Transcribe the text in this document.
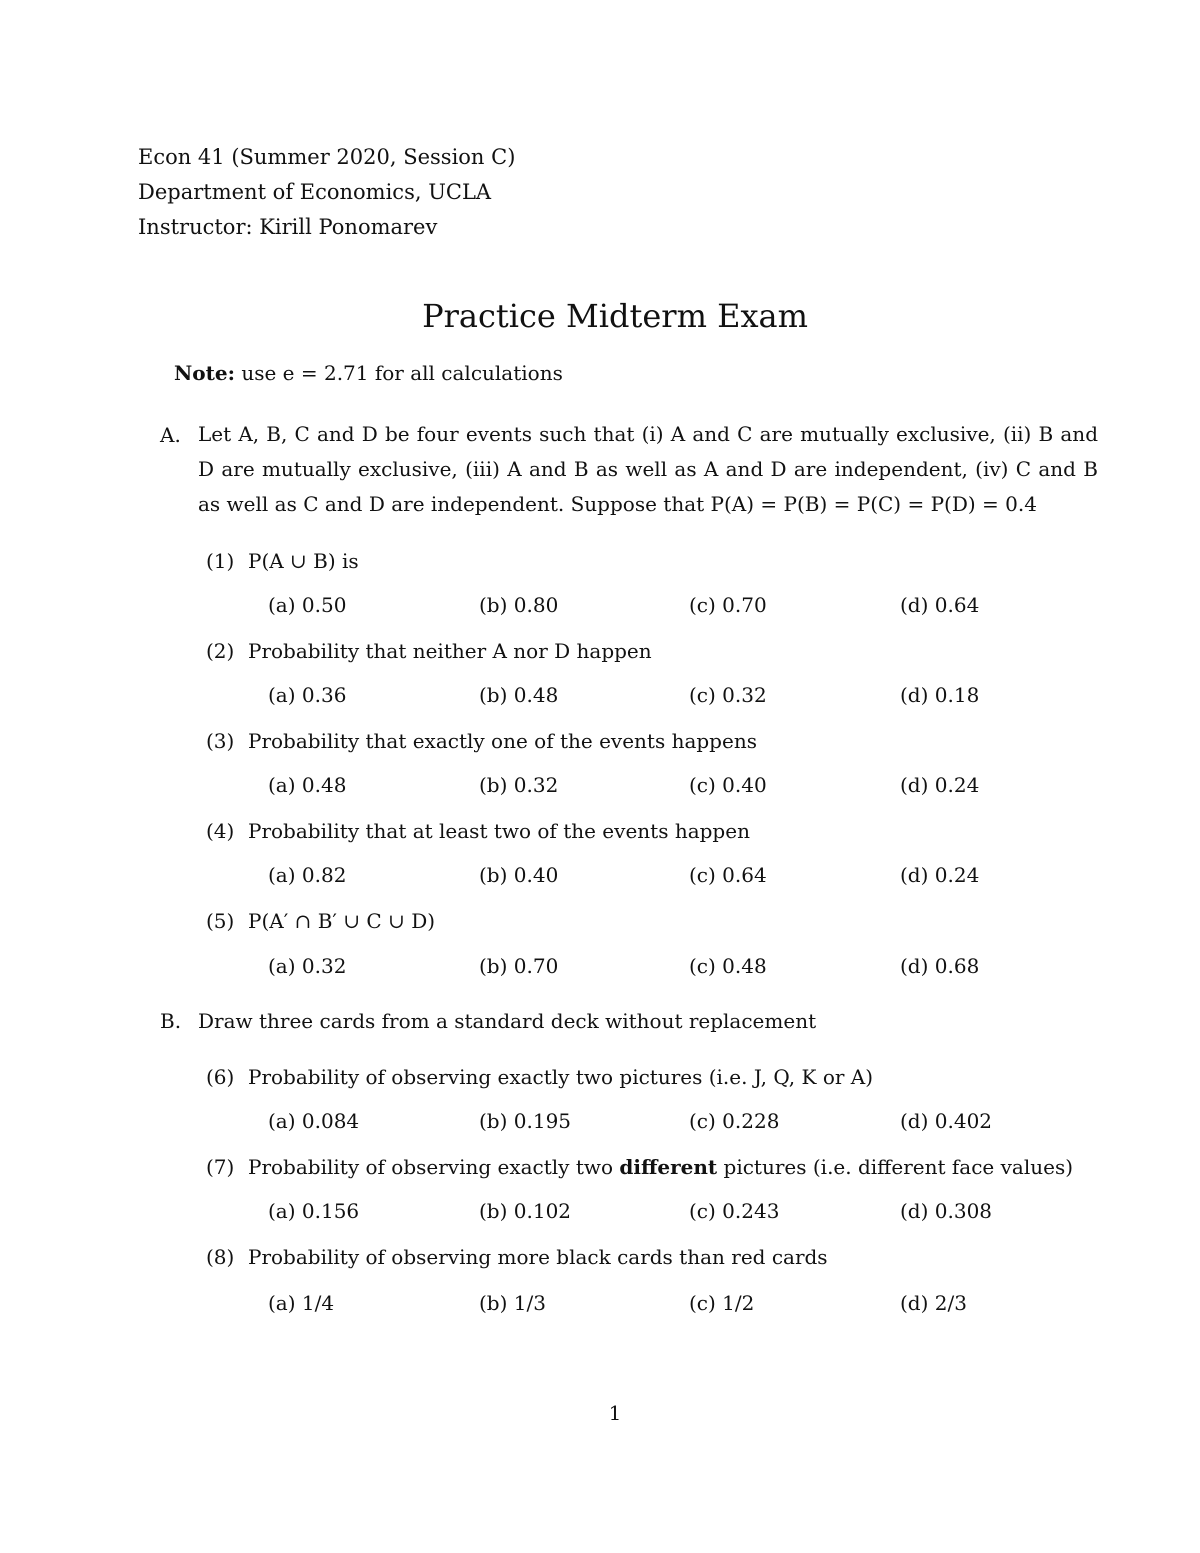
Econ 41 (Summer 2020, Session C)
Department of Economics, UCLA
Instructor: Kirill Ponomarev
Practice Midterm Exam
Note: use e = 2.71 for all calculations
A. Let A, B, C and D be four events such that (i) A and C are mutually exclusive, (ii) B and D are mutually exclusive, (iii) A and B as well as A and D are independent, (iv) C and B as well as C and D are independent. Suppose that P(A) = P(B) = P(C) = P(D) = 0.4
(1) P(A ∪ B) is
(a) 0.50	(b) 0.80	(c) 0.70	(d) 0.64
(2) Probability that neither A nor D happen
(a) 0.36	(b) 0.48	(c) 0.32	(d) 0.18
(3) Probability that exactly one of the events happens
(a) 0.48	(b) 0.32	(c) 0.40	(d) 0.24
(4) Probability that at least two of the events happen
(a) 0.82	(b) 0.40	(c) 0.64	(d) 0.24
(5) P(A′ ∩ B′ ∪ C ∪ D)
(a) 0.32	(b) 0.70	(c) 0.48	(d) 0.68
B. Draw three cards from a standard deck without replacement
(6) Probability of observing exactly two pictures (i.e. J, Q, K or A)
(a) 0.084	(b) 0.195	(c) 0.228	(d) 0.402
(7) Probability of observing exactly two different pictures (i.e. different face values)
(a) 0.156	(b) 0.102	(c) 0.243	(d) 0.308
(8) Probability of observing more black cards than red cards
(a) 1/4	(b) 1/3	(c) 1/2	(d) 2/3
1
